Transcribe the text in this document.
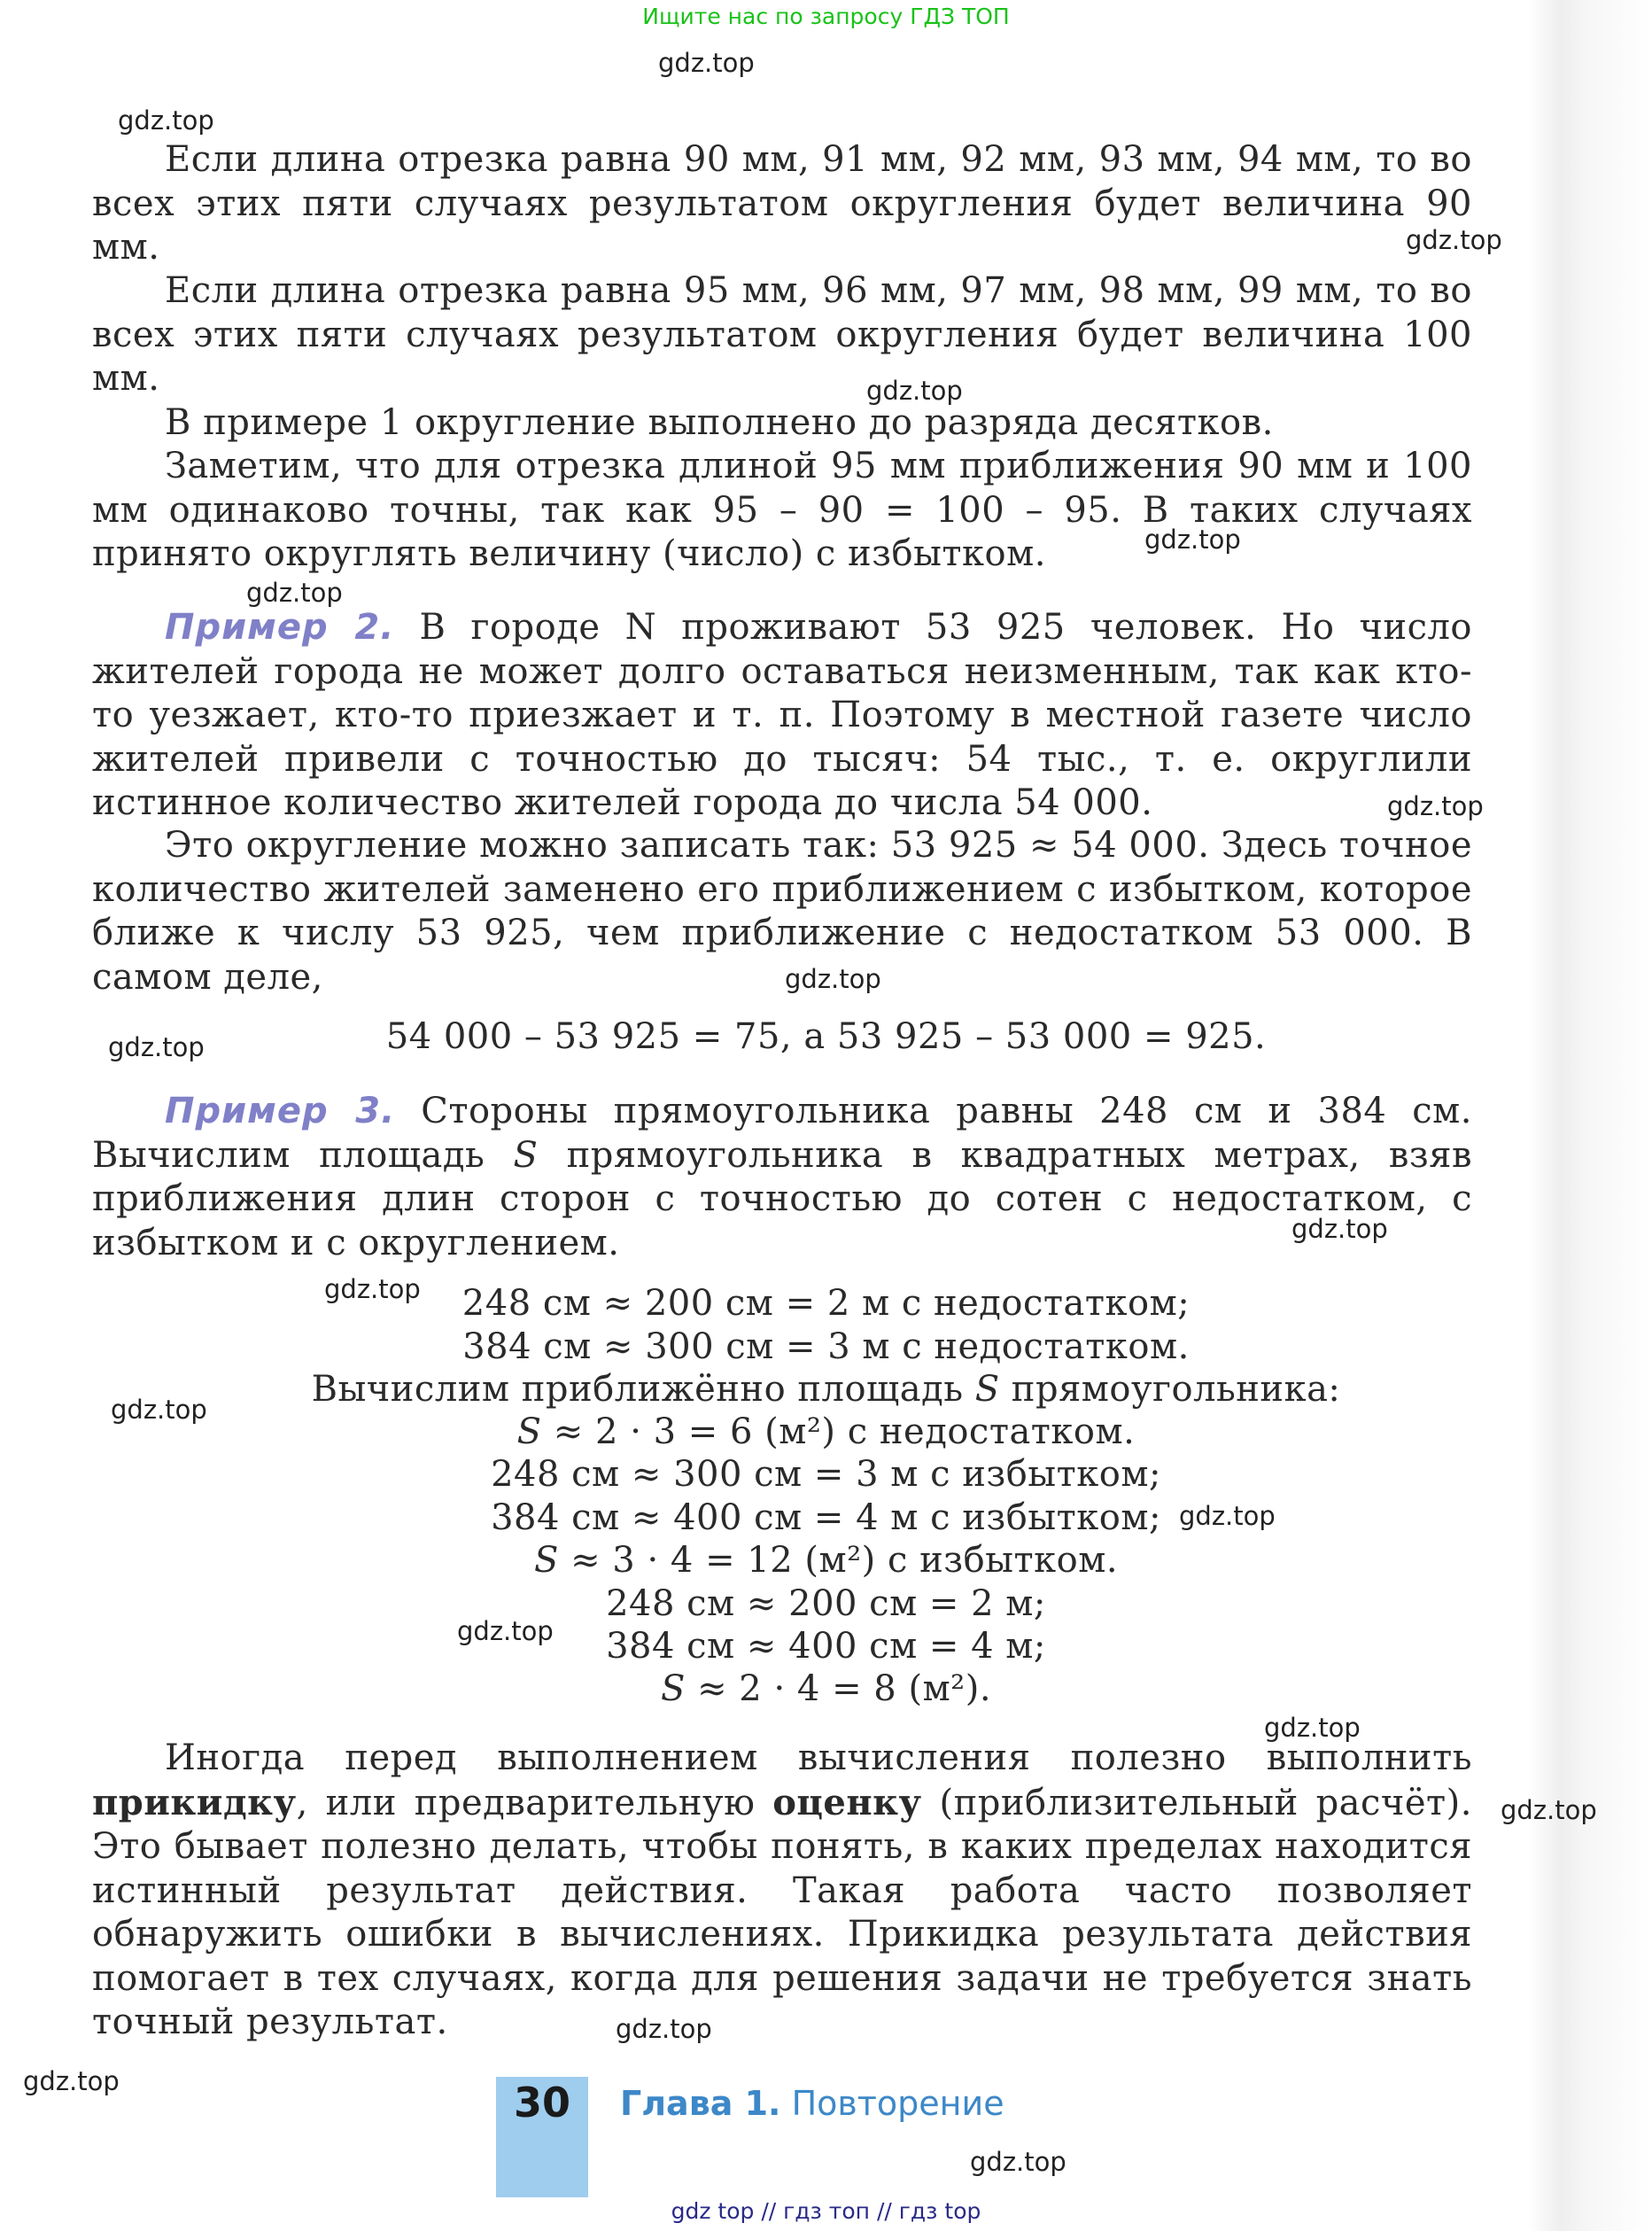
Ищите нас по запросу ГДЗ ТОП
gdz.top
gdz.top
gdz.top
gdz.top
gdz.top
gdz.top
gdz.top
gdz.top
gdz.top
gdz.top
gdz.top
gdz.top
gdz.top
gdz.top
gdz.top
gdz.top
gdz.top
gdz.top
gdz.top

Если длина отрезка равна 90 мм, 91 мм, 92 мм, 93 мм, 94 мм, то во всех этих пяти случаях результатом округления будет величина 90 мм.

Если длина отрезка равна 95 мм, 96 мм, 97 мм, 98 мм, 99 мм, то во всех этих пяти случаях результатом округления будет величина 100 мм.

В примере 1 округление выполнено до разряда десятков.

Заметим, что для отрезка длиной 95 мм приближения 90 мм и 100 мм одинаково точны, так как 95 – 90 = 100 – 95. В таких случаях принято округлять величину (число) с избытком.

Пример 2. В городе N проживают 53 925 человек. Но число жителей города не может долго оставаться неизменным, так как кто-то уезжает, кто-то приезжает и т. п. Поэтому в местной газете число жителей привели с точностью до тысяч: 54 тыс., т. е. округлили истинное количество жителей города до числа 54 000.

Это округление можно записать так: 53 925 ≈ 54 000. Здесь точное количество жителей заменено его приближением с избытком, которое ближе к числу 53 925, чем приближение с недостатком 53 000. В самом деле,

54 000 – 53 925 = 75, а 53 925 – 53 000 = 925.

Пример 3. Стороны прямоугольника равны 248 см и 384 см. Вычислим площадь S прямоугольника в квадратных метрах, взяв приближения длин сторон с точностью до сотен с недостатком, с избытком и с округлением.

248 см ≈ 200 см = 2 м с недостатком;
384 см ≈ 300 см = 3 м с недостатком.
Вычислим приближённо площадь S прямоугольника:
S ≈ 2 · 3 = 6 (м²) с недостатком.
248 см ≈ 300 см = 3 м с избытком;
384 см ≈ 400 см = 4 м с избытком;
S ≈ 3 · 4 = 12 (м²) с избытком.
248 см ≈ 200 см = 2 м;
384 см ≈ 400 см = 4 м;
S ≈ 2 · 4 = 8 (м²).

Иногда перед выполнением вычисления полезно выполнить прикидку, или предварительную оценку (приблизительный расчёт). Это бывает полезно делать, чтобы понять, в каких пределах находится истинный результат действия. Такая работа часто позволяет обнаружить ошибки в вычислениях. Прикидка результата действия помогает в тех случаях, когда для решения задачи не требуется знать точный результат.

30	Глава 1. Повторение
gdz top // гдз топ // гдз top
